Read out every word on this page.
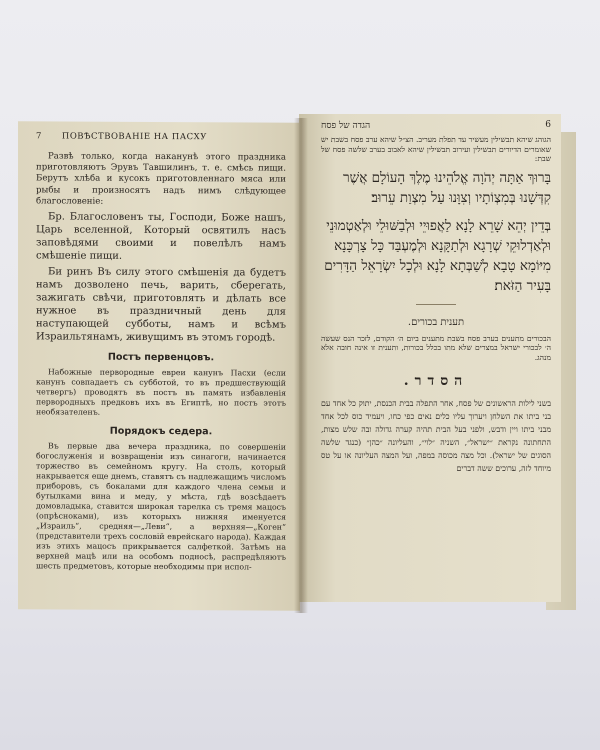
7 ПОВѢСТВОВАНІЕ НА ПАСХУ

Развѣ только, когда наканунѣ этого праздника приготовляютъ Эрувъ Тавшилинъ, т. е. смѣсь пищи. Берутъ хлѣба и кусокъ приготовленнаго мяса или рыбы и произносятъ надъ нимъ слѣдующее благословеніе:

Бр. Благословенъ ты, Господи, Боже нашъ, Царь вселенной, Который освятилъ насъ заповѣдями своими и повелѣлъ намъ смѣшеніе пищи.

Би ринъ Въ силу этого смѣшенія да будетъ намъ дозволено печь, варить, сберегать, зажигать свѣчи, приготовлять и дѣлать все нужное въ праздничный день для наступающей субботы, намъ и всѣмъ Израильтянамъ, живущимъ въ этомъ городѣ.

Постъ первенцовъ.

Набожные первородные евреи канунъ Пасхи (если канунъ совпадаетъ съ субботой, то въ предшествующій четвергъ) проводятъ въ постъ въ память избавленія первородныхъ предковъ ихъ въ Египтѣ, но постъ этотъ необязателенъ.

Порядокъ седера.

Въ первые два вечера праздника, по совершеніи богослуженія и возвращеніи изъ синагоги, начинается торжество въ семейномъ кругу. На столъ, который накрывается еще днемъ, ставятъ съ надлежащимъ числомъ приборовъ, съ бокалами для каждого члена семьи и бутылками вина и меду, у мѣста, гдѣ возсѣдаетъ домовладыка, ставится широкая тарелка съ тремя мацосъ (опрѣсноками), изъ которыхъ нижняя именуется „Израиль“, средняя—„Леви“, а верхняя—„Коген“ (представители трехъ сословій еврейскаго народа). Каждая изъ этихъ мацосъ прикрывается салфеткой. Затѣмъ на верхней мацѣ или на особомъ подносѣ, распредѣляютъ шесть предметовъ, которые необходимы при испол-

הגדה של פסח	6

הגוהג שיהא תבשילין מעשיר עד תפלת מעריב. הצ״ל שיהא ערב פסח בשבת יש שאומרים הדיורים תבשילין ועירוב תבשילין שיהא לאבוב בערב שלשה פסח של שבת:

בָּרוּךְ אַתָּה יְהֹוָה אֱלֹהֵינוּ מֶלֶךְ הָעוֹלָם אֲשֶׁר קִדְּשָׁנוּ בְּמִצְוֹתָיו וְצִוָּנוּ עַל מִצְוַת עֵרוּב׃

בְּדֵין יְהֵא שָׁרֵא לָנָא לַאֲפוּיֵי וּלְבַשּׁוּלֵי וּלְאַטְמוּנֵי וּלְאַדְלוּקֵי שְׁרָגָא וּלְתַקָּנָא וּלְמֶעְבַּד כָּל צָרְכָּנָא מִיּוֹמָא טָבָא לְשַׁבְּתָא לָנָא וּלְכָל יִשְׂרָאֵל הַדָּרִים בָּעִיר הַזֹּאת׃

תענית בכורים.

הבכורים מתענים בערב פסח בשבת מתענים ביום ה׳ הקודם, לזכר הנס שעשה ה׳ לבכורי ישראל במצרים שלא מתו בכלל בכורות, ותענית זו אינה חובה אלא מנהג.

הסדר.

בשני לילות הראשונים של פסח, אחר התפלה בבית הכנסת, יתוק כל אחד עם בני ביתו את השלחן ויערוך עליו כלים נאים כפי כחו, ויעמיד כוס לכל אחד מבני ביתו ויין ודבש, ולפני בעל הבית תהיה קערה גדולה ובה שלש מצות, התחתונה נקראת ״ישראל״, השניה ״לוי״, והעליונה ״כהן״ (כנגד שלשה הסוגים של ישראל). וכל מצה מכוסה במפה, ועל המצה העליונה או על טס מיוחד לזה, ערוכים ששה דברים
